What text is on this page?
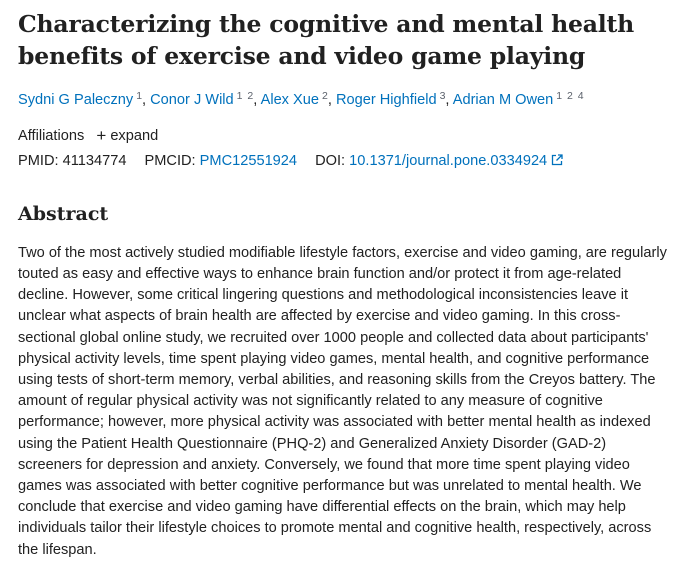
Characterizing the cognitive and mental health benefits of exercise and video game playing
Sydni G Paleczny $^1$, Conor J Wild $^{1 2}$, Alex Xue $^2$, Roger Highfield $^3$, Adrian M Owen $^{1 2 4}$
Affiliations + expand
PMID: 41134774 PMCID: PMC12551924 DOI: 10.1371/journal.pone.0334924
Abstract

Two of the most actively studied modifiable lifestyle factors, exercise and video gaming, are regularly touted as easy and effective ways to enhance brain function and/or protect it from age-related decline. However, some critical lingering questions and methodological inconsistencies leave it unclear what aspects of brain health are affected by exercise and video gaming. In this cross-sectional global online study, we recruited over 1000 people and collected data about participants' physical activity levels, time spent playing video games, mental health, and cognitive performance using tests of short-term memory, verbal abilities, and reasoning skills from the Creyos battery. The amount of regular physical activity was not significantly related to any measure of cognitive performance; however, more physical activity was associated with better mental health as indexed using the Patient Health Questionnaire (PHQ-2) and Generalized Anxiety Disorder (GAD-2) screeners for depression and anxiety. Conversely, we found that more time spent playing video games was associated with better cognitive performance but was unrelated to mental health. We conclude that exercise and video gaming have differential effects on the brain, which may help individuals tailor their lifestyle choices to promote mental and cognitive health, respectively, across the lifespan.
